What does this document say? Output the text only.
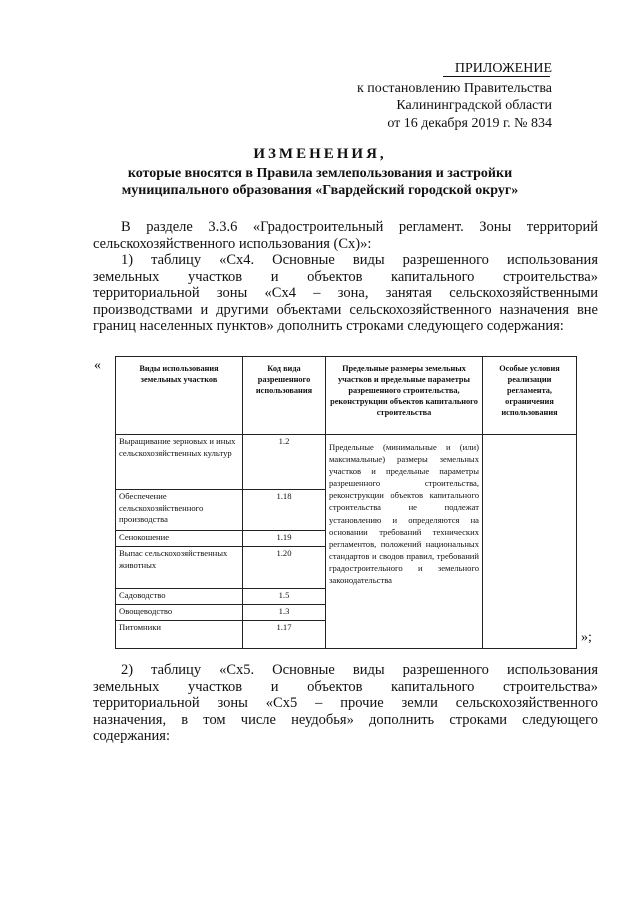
ПРИЛОЖЕНИЕ
к постановлению Правительства
Калининградской области
от 16 декабря 2019 г. № 834
ИЗМЕНЕНИЯ,
которые вносятся в Правила землепользования и застройки
муниципального образования «Гвардейский городской округ»
В разделе 3.3.6 «Градостроительный регламент. Зоны территорий
сельскохозяйственного использования (Сх)»:
1) таблицу «Сх4. Основные виды разрешенного использования
земельных участков и объектов капитального строительства»
территориальной зоны «Сх4 – зона, занятая сельскохозяйственными
производствами и другими объектами сельскохозяйственного назначения вне
границ населенных пунктов» дополнить строками следующего содержания:
«
»;
Виды использования земельных участков	Код вида разрешенного использования	Предельные размеры земельных участков и предельные параметры разрешенного строительства, реконструкции объектов капитального строительства	Особые условия реализации регламента, ограничения использования
Выращивание зерновых и иных сельскохозяйственных культур	1.2	Предельные (минимальные и (или) максимальные) размеры земельных участков и предельные параметры разрешенного строительства, реконструкции объектов капитального строительства не подлежат установлению и определяются на основании требований технических регламентов, положений национальных стандартов и сводов правил, требований градостроительного и земельного законодательства	
Обеспечение сельскохозяйственного производства	1.18		
Сенокошение	1.19		
Выпас сельскохозяйственных животных	1.20		
Садоводство	1.5		
Овощеводство	1.3		
Питомники	1.17		
2) таблицу «Сх5. Основные виды разрешенного использования
земельных участков и объектов капитального строительства»
территориальной зоны «Сх5 – прочие земли сельскохозяйственного
назначения, в том числе неудобья» дополнить строками следующего
содержания:
